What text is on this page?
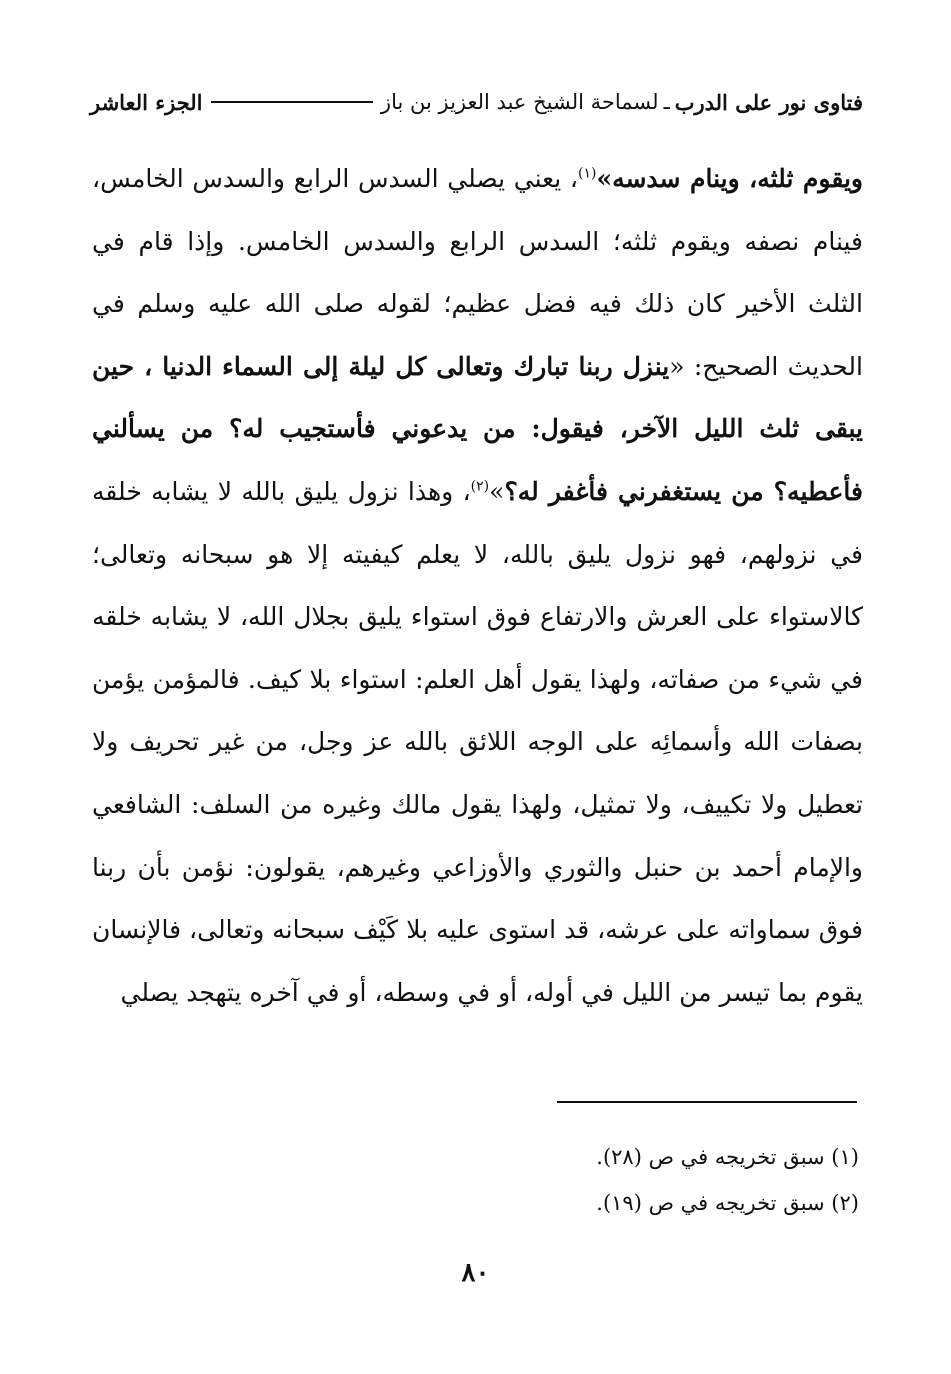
فتاوى نور على الدرب
ـ
لسماحة الشيخ عبد العزيز بن باز
الجزء العاشر
ويقوم ثلثه، وينام سدسه»$^{(١)}$، يعني يصلي السدس الرابع والسدس الخامس، فينام نصفه ويقوم ثلثه؛ السدس الرابع والسدس الخامس. وإذا قام في الثلث الأخير كان ذلك فيه فضل عظيم؛ لقوله صلى الله عليه وسلم في الحديث الصحيح: «ينزل ربنا تبارك وتعالى كل ليلة إلى السماء الدنيا ، حين يبقى ثلث الليل الآخر، فيقول: من يدعوني فأستجيب له؟ من يسألني فأعطيه؟ من يستغفرني فأغفر له؟»$^{(٢)}$، وهذا نزول يليق بالله لا يشابه خلقه في نزولهم، فهو نزول يليق بالله، لا يعلم كيفيته إلا هو سبحانه وتعالى؛ كالاستواء على العرش والارتفاع فوق استواء يليق بجلال الله، لا يشابه خلقه في شيء من صفاته، ولهذا يقول أهل العلم: استواء بلا كيف. فالمؤمن يؤمن بصفات الله وأسمائِه على الوجه اللائق بالله عز وجل، من غير تحريف ولا تعطيل ولا تكييف، ولا تمثيل، ولهذا يقول مالك وغيره من السلف: الشافعي والإمام أحمد بن حنبل والثوري والأوزاعي وغيرهم، يقولون: نؤمن بأن ربنا فوق سماواته على عرشه، قد استوى عليه بلا كَيْف سبحانه وتعالى، فالإنسان يقوم بما تيسر من الليل في أوله، أو في وسطه، أو في آخره يتهجد يصلي
(١) سبق تخريجه في ص (٢٨).
(٢) سبق تخريجه في ص (١٩).
٨٠
